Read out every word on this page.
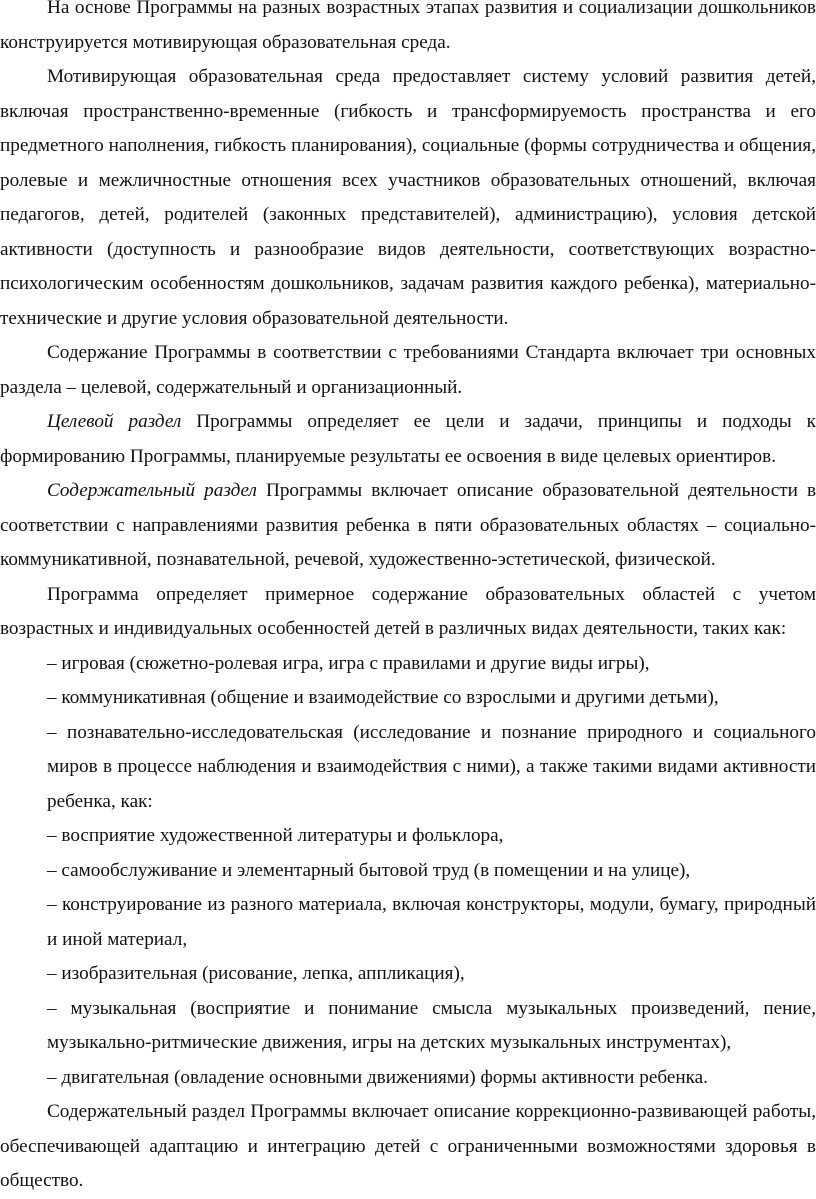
На основе Программы на разных возрастных этапах развития и социализации дошкольников конструируется мотивирующая образовательная среда.

Мотивирующая образовательная среда предоставляет систему условий развития детей, включая пространственно-временные (гибкость и трансформируемость пространства и его предметного наполнения, гибкость планирования), социальные (формы сотрудничества и общения, ролевые и межличностные отношения всех участников образовательных отношений, включая педагогов, детей, родителей (законных представителей), администрацию), условия детской активности (доступность и разнообразие видов деятельности, соответствующих возрастно-психологическим особенностям дошкольников, задачам развития каждого ребенка), материально-технические и другие условия образовательной деятельности.

Содержание Программы в соответствии с требованиями Стандарта включает три основных раздела – целевой, содержательный и организационный.

Целевой раздел Программы определяет ее цели и задачи, принципы и подходы к формированию Программы, планируемые результаты ее освоения в виде целевых ориентиров.

Содержательный раздел Программы включает описание образовательной деятельности в соответствии с направлениями развития ребенка в пяти образовательных областях – социально-коммуникативной, познавательной, речевой, художественно-эстетической, физической.

Программа определяет примерное содержание образовательных областей с учетом возрастных и индивидуальных особенностей детей в различных видах деятельности, таких как:

– игровая (сюжетно-ролевая игра, игра с правилами и другие виды игры),

– коммуникативная (общение и взаимодействие со взрослыми и другими детьми),

– познавательно-исследовательская (исследование и познание природного и социального миров в процессе наблюдения и взаимодействия с ними), а также такими видами активности ребенка, как:

– восприятие художественной литературы и фольклора,

– самообслуживание и элементарный бытовой труд (в помещении и на улице),

– конструирование из разного материала, включая конструкторы, модули, бумагу, природный и иной материал,

– изобразительная (рисование, лепка, аппликация),

– музыкальная (восприятие и понимание смысла музыкальных произведений, пение, музыкально-ритмические движения, игры на детских музыкальных инструментах),

– двигательная (овладение основными движениями) формы активности ребенка.

Содержательный раздел Программы включает описание коррекционно-развивающей работы, обеспечивающей адаптацию и интеграцию детей с ограниченными возможностями здоровья в общество.
